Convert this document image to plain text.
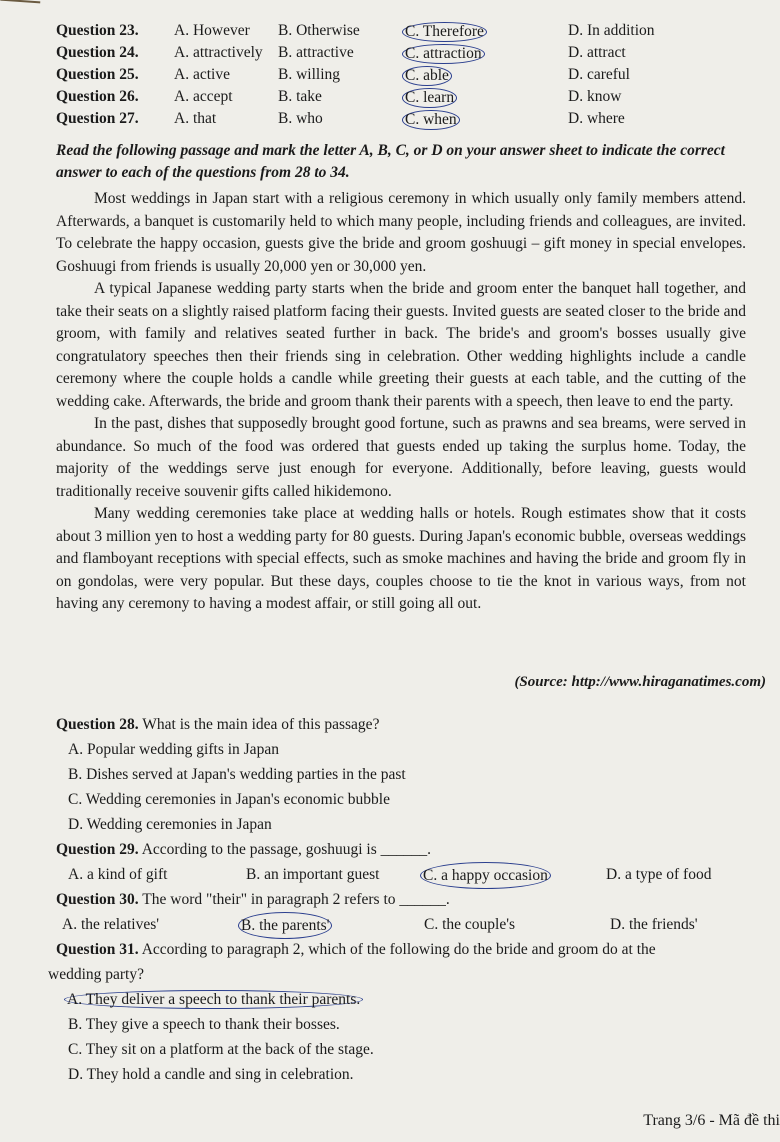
Question 23. A. However B. Otherwise	C. Therefore	D. In addition
Question 24. A. attractively B. attractive	C. attraction	D. attract
Question 25. A. active	B. willing	C. able	D. careful
Question 26. A. accept	B. take	C. learn	D. know
Question 27. A. that	B. who	C. when	D. where
Read the following passage and mark the letter A, B, C, or D on your answer sheet to indicate the correct answer to each of the questions from 28 to 34.

Most weddings in Japan start with a religious ceremony in which usually only family members attend. Afterwards, a banquet is customarily held to which many people, including friends and colleagues, are invited. To celebrate the happy occasion, guests give the bride and groom goshuugi – gift money in special envelopes. Goshuugi from friends is usually 20,000 yen or 30,000 yen.

A typical Japanese wedding party starts when the bride and groom enter the banquet hall together, and take their seats on a slightly raised platform facing their guests. Invited guests are seated closer to the bride and groom, with family and relatives seated further in back. The bride's and groom's bosses usually give congratulatory speeches then their friends sing in celebration. Other wedding highlights include a candle ceremony where the couple holds a candle while greeting their guests at each table, and the cutting of the wedding cake. Afterwards, the bride and groom thank their parents with a speech, then leave to end the party.

In the past, dishes that supposedly brought good fortune, such as prawns and sea breams, were served in abundance. So much of the food was ordered that guests ended up taking the surplus home. Today, the majority of the weddings serve just enough for everyone. Additionally, before leaving, guests would traditionally receive souvenir gifts called hikidemono.

Many wedding ceremonies take place at wedding halls or hotels. Rough estimates show that it costs about 3 million yen to host a wedding party for 80 guests. During Japan's economic bubble, overseas weddings and flamboyant receptions with special effects, such as smoke machines and having the bride and groom fly in on gondolas, were very popular. But these days, couples choose to tie the knot in various ways, from not having any ceremony to having a modest affair, or still going all out.

(Source: http://www.hiraganatimes.com)
Question 28. What is the main idea of this passage?
A. Popular wedding gifts in Japan
B. Dishes served at Japan's wedding parties in the past
C. Wedding ceremonies in Japan's economic bubble
D. Wedding ceremonies in Japan
Question 29. According to the passage, goshuugi is ______.
A. a kind of gift	B. an important guest	C. a happy occasion	D. a type of food
Question 30. The word "their" in paragraph 2 refers to ______.
A. the relatives'	B. the parents'	C. the couple's	D. the friends'
Question 31. According to paragraph 2, which of the following do the bride and groom do at the
wedding party?
A. They deliver a speech to thank their parents.
B. They give a speech to thank their bosses.
C. They sit on a platform at the back of the stage.
D. They hold a candle and sing in celebration.
Trang 3/6 - Mã đề thi
